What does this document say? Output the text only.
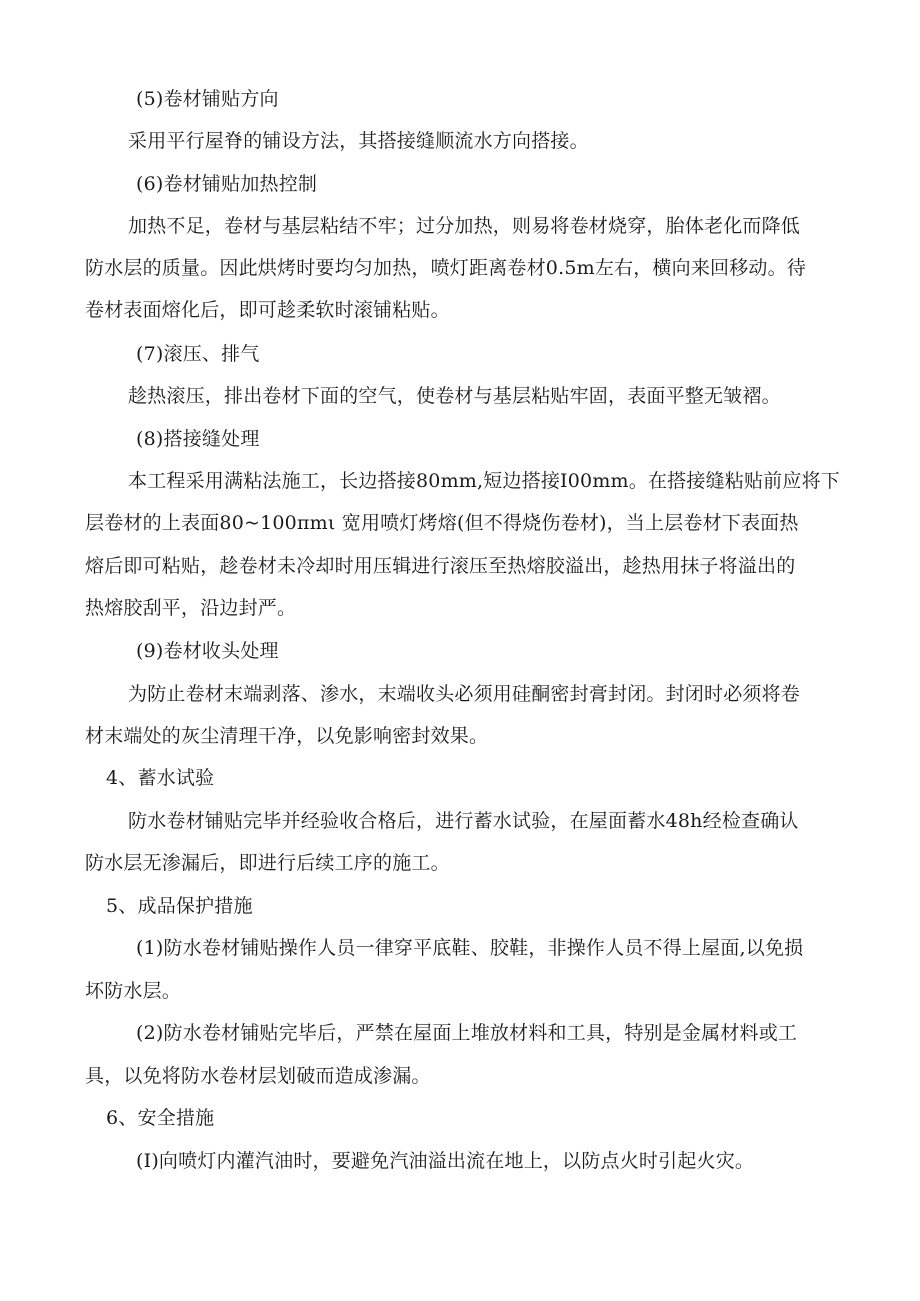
(5)卷材铺贴方向
采用平行屋脊的铺设方法，其搭接缝顺流水方向搭接。
(6)卷材铺贴加热控制
加热不足，卷材与基层粘结不牢；过分加热，则易将卷材烧穿，胎体老化而降低
防水层的质量。因此烘烤时要均匀加热，喷灯距离卷材0.5m左右，横向来回移动。待
卷材表面熔化后，即可趁柔软时滚铺粘贴。
(7)滚压、排气
趁热滚压，排出卷材下面的空气，使卷材与基层粘贴牢固，表面平整无皱褶。
(8)搭接缝处理
本工程采用满粘法施工，长边搭接80mm,短边搭接I00mm。在搭接缝粘贴前应将下
层卷材的上表面80~100πmι 宽用喷灯烤熔(但不得烧伤卷材)，当上层卷材下表面热
熔后即可粘贴，趁卷材未冷却时用压辑进行滚压至热熔胶溢出，趁热用抹子将溢出的
热熔胶刮平，沿边封严。
(9)卷材收头处理
为防止卷材末端剥落、渗水，末端收头必须用硅酮密封膏封闭。封闭时必须将卷
材末端处的灰尘清理干净，以免影响密封效果。
4、蓄水试验
防水卷材铺贴完毕并经验收合格后，进行蓄水试验，在屋面蓄水48h经检查确认
防水层无渗漏后，即进行后续工序的施工。
5、成品保护措施
(1)防水卷材铺贴操作人员一律穿平底鞋、胶鞋，非操作人员不得上屋面,以免损
坏防水层。
(2)防水卷材铺贴完毕后，严禁在屋面上堆放材料和工具，特别是金属材料或工
具，以免将防水卷材层划破而造成渗漏。
6、安全措施
(I)向喷灯内灌汽油时，要避免汽油溢出流在地上，以防点火时引起火灾。
